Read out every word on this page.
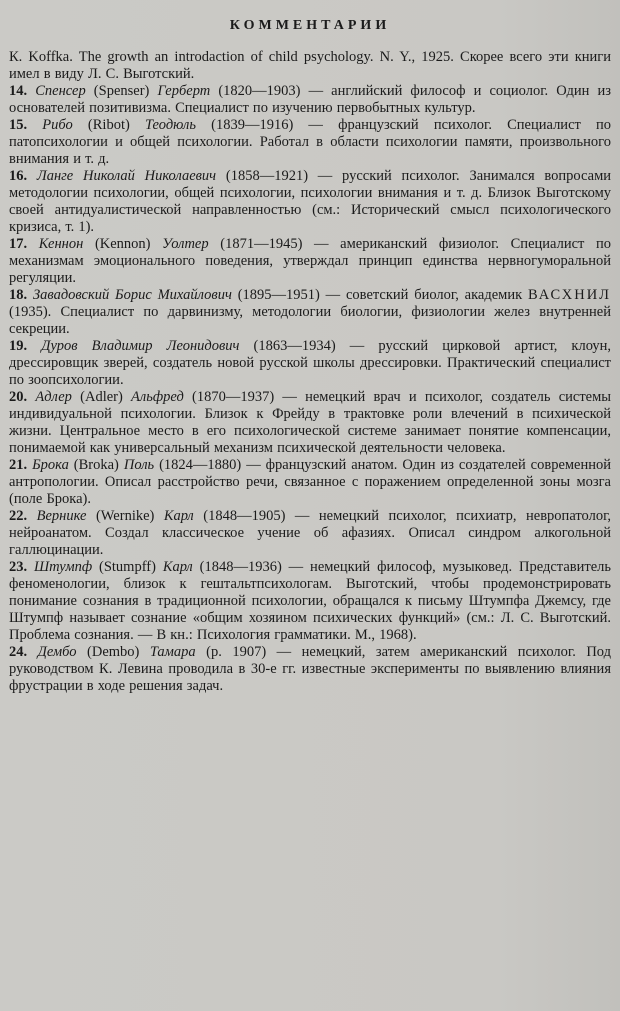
КОММЕНТАРИИ

К. Koffka. The growth an introdaction of child psychology. N. Y., 1925. Скорее всего эти книги имел в виду Л. С. Выготский.

14. Спенсер (Spenser) Герберт (1820—1903) — английский философ и социолог. Один из основателей позитивизма. Специалист по изучению первобытных культур.

15. Рибо (Ribot) Теодюль (1839—1916) — французский психолог. Специалист по патопсихологии и общей психологии. Работал в области психологии памяти, произвольного внимания и т. д.

16. Ланге Николай Николаевич (1858—1921) — русский психолог. Занимался вопросами методологии психологии, общей психологии, психологии внимания и т. д. Близок Выготскому своей антидуалистической направленностью (см.: Исторический смысл психологического кризиса, т. 1).

17. Кеннон (Kennon) Уолтер (1871—1945) — американский физиолог. Специалист по механизмам эмоционального поведения, утверждал принцип единства нервногуморальной регуляции.

18. Завадовский Борис Михайлович (1895—1951) — советский биолог, академик ВАСХНИЛ (1935). Специалист по дарвинизму, методологии биологии, физиологии желез внутренней секреции.

19. Дуров Владимир Леонидович (1863—1934) — русский цирковой артист, клоун, дрессировщик зверей, создатель новой русской школы дрессировки. Практический специалист по зоопсихологии.

20. Адлер (Adler) Альфред (1870—1937) — немецкий врач и психолог, создатель системы индивидуальной психологии. Близок к Фрейду в трактовке роли влечений в психической жизни. Центральное место в его психологической системе занимает понятие компенсации, понимаемой как универсальный механизм психической деятельности человека.

21. Брока (Broka) Поль (1824—1880) — французский анатом. Один из создателей современной антропологии. Описал расстройство речи, связанное с поражением определенной зоны мозга (поле Брока).

22. Вернике (Wernike) Карл (1848—1905) — немецкий психолог, психиатр, невропатолог, нейроанатом. Создал классическое учение об афазиях. Описал синдром алкогольной галлюцинации.

23. Штумпф (Stumpff) Карл (1848—1936) — немецкий философ, музыковед. Представитель феноменологии, близок к гештальтпсихологам. Выготский, чтобы продемонстрировать понимание сознания в традиционной психологии, обращался к письму Штумпфа Джемсу, где Штумпф называет сознание «общим хозяином психических функций» (см.: Л. С. Выготский. Проблема сознания. — В кн.: Психология грамматики. М., 1968).

24. Дембо (Dembo) Тамара (р. 1907) — немецкий, затем американский психолог. Под руководством К. Левина проводила в 30-е гг. известные эксперименты по выявлению влияния фрустрации в ходе решения задач.
